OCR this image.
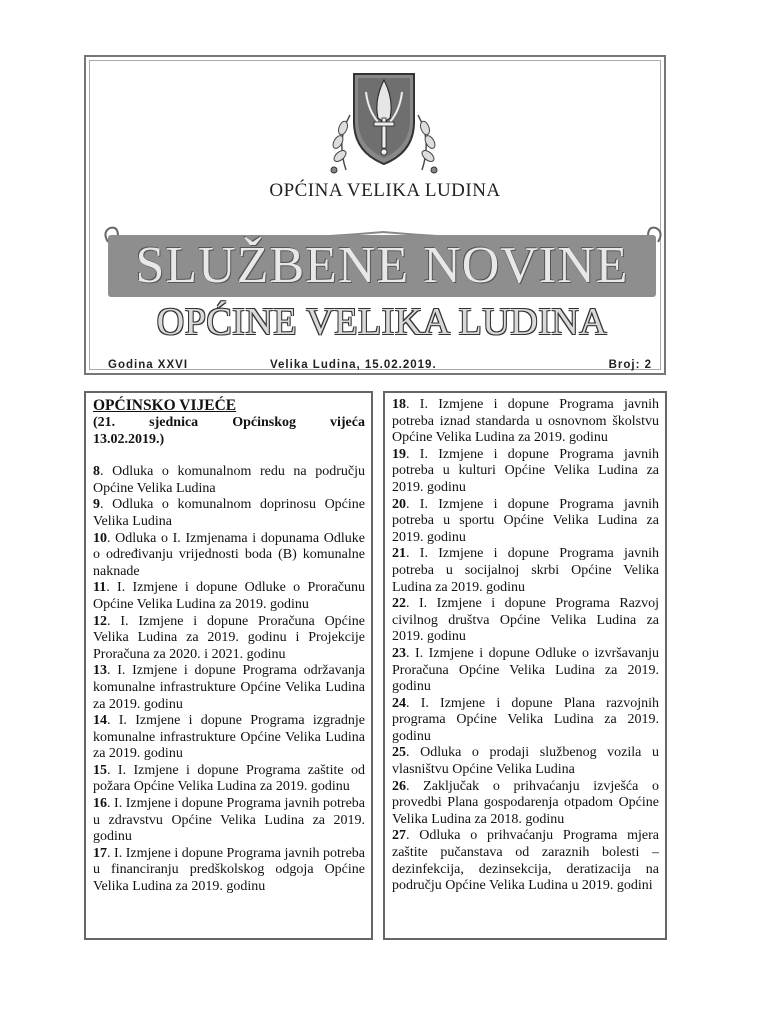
OPĆINA VELIKA LUDINA
SLUŽBENE NOVINE
OPĆINE VELIKA LUDINA
Godina XXVI	Velika Ludina, 15.02.2019.	Broj: 2
OPĆINSKO VIJEĆE
(21. sjednica Općinskog vijeća
13.02.2019.)
8. Odluka o komunalnom redu na području Općine Velika Ludina
9. Odluka o komunalnom doprinosu Općine Velika Ludina
10. Odluka o I. Izmjenama i dopunama Odluke o određivanju vrijednosti boda (B) komunalne naknade
11. I. Izmjene i dopune Odluke o Proračunu Općine Velika Ludina za 2019. godinu
12. I. Izmjene i dopune Proračuna Općine Velika Ludina za 2019. godinu i Projekcije Proračuna za 2020. i 2021. godinu
13. I. Izmjene i dopune Programa održavanja komunalne infrastrukture Općine Velika Ludina za 2019. godinu
14. I. Izmjene i dopune Programa izgradnje komunalne infrastrukture Općine Velika Ludina za 2019. godinu
15. I. Izmjene i dopune Programa zaštite od požara Općine Velika Ludina za 2019. godinu
16. I. Izmjene i dopune Programa javnih potreba u zdravstvu Općine Velika Ludina za 2019. godinu
17. I. Izmjene i dopune Programa javnih potreba u financiranju predškolskog odgoja Općine Velika Ludina za 2019. godinu
18. I. Izmjene i dopune Programa javnih potreba iznad standarda u osnovnom školstvu Općine Velika Ludina za 2019. godinu
19. I. Izmjene i dopune Programa javnih potreba u kulturi Općine Velika Ludina za 2019. godinu
20. I. Izmjene i dopune Programa javnih potreba u sportu Općine Velika Ludina za 2019. godinu
21. I. Izmjene i dopune Programa javnih potreba u socijalnoj skrbi Općine Velika Ludina za 2019. godinu
22. I. Izmjene i dopune Programa Razvoj civilnog društva Općine Velika Ludina za 2019. godinu
23. I. Izmjene i dopune Odluke o izvršavanju Proračuna Općine Velika Ludina za 2019. godinu
24. I. Izmjene i dopune Plana razvojnih programa Općine Velika Ludina za 2019. godinu
25. Odluka o prodaji službenog vozila u vlasništvu Općine Velika Ludina
26. Zaključak o prihvaćanju izvješća o provedbi Plana gospodarenja otpadom Općine Velika Ludina za 2018. godinu
27. Odluka o prihvaćanju Programa mjera zaštite pučanstava od zaraznih bolesti – dezinfekcija, dezinsekcija, deratizacija na području Općine Velika Ludina u 2019. godini
